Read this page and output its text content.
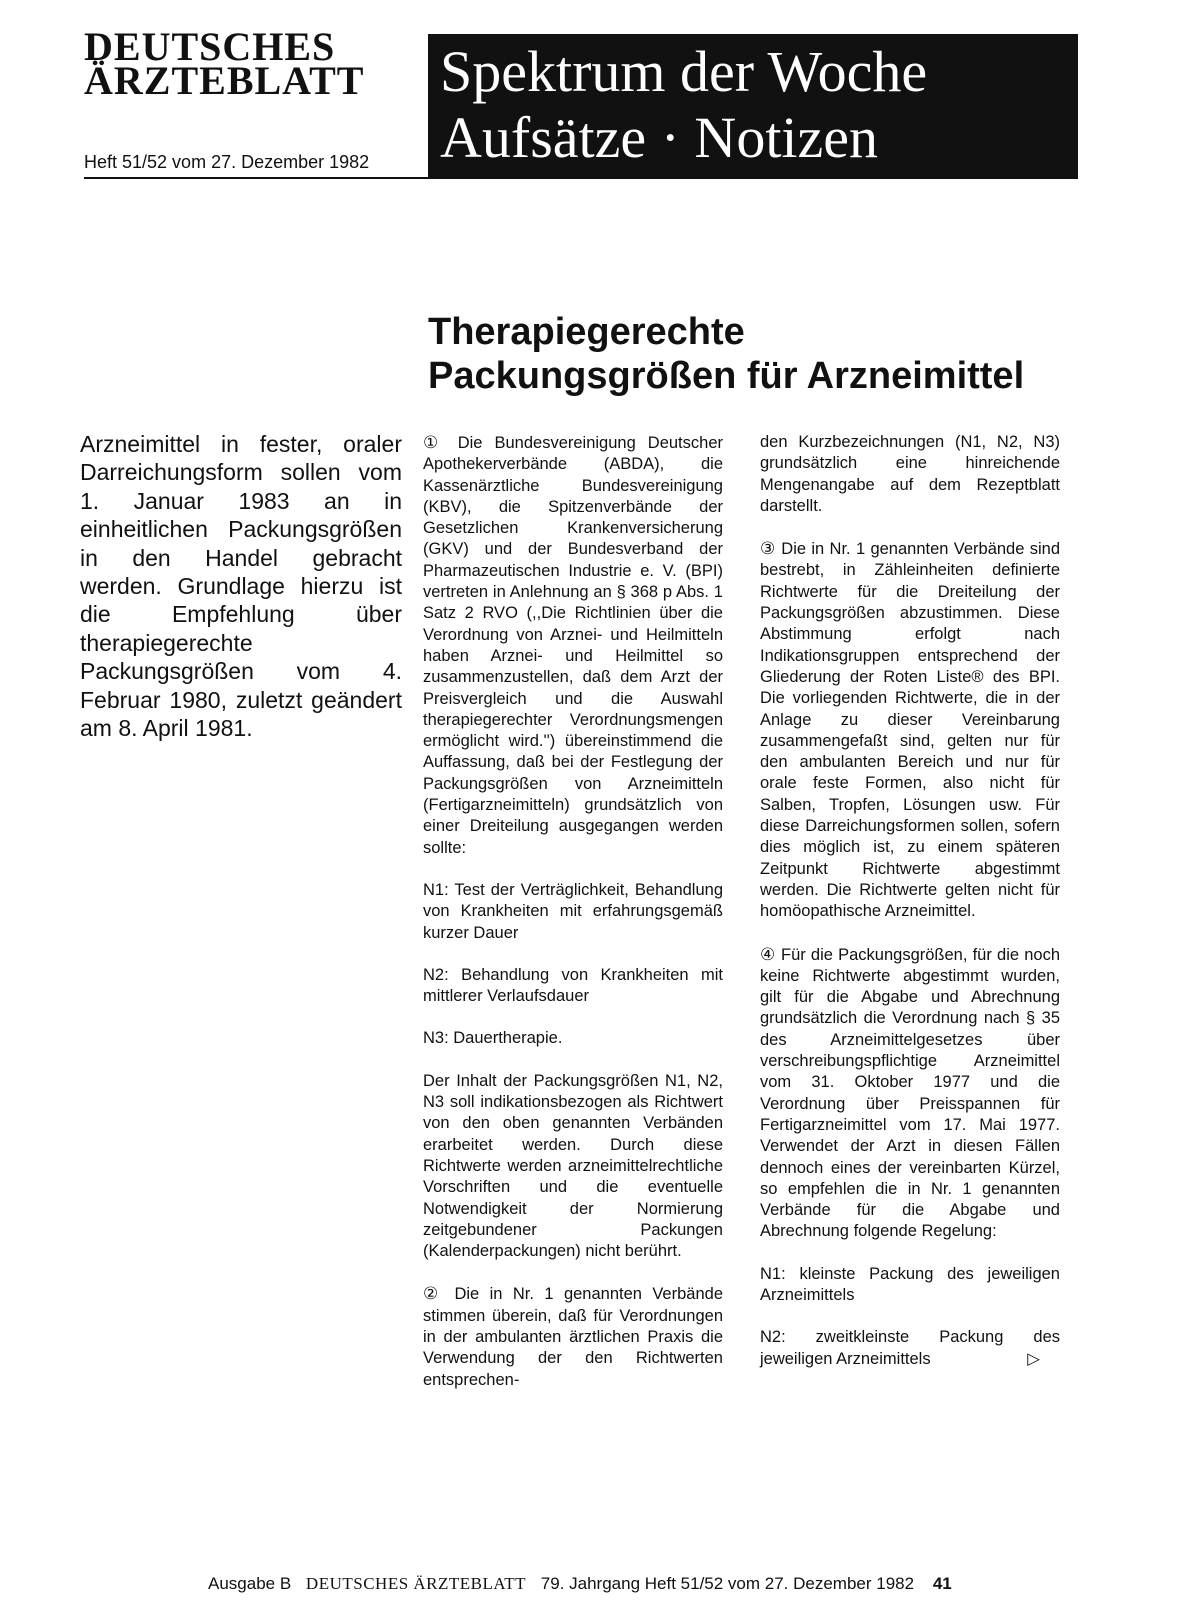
DEUTSCHES
ÄRZTEBLATT
Heft 51/52 vom 27. Dezember 1982
Spektrum der Woche
Aufsätze · Notizen
Therapiegerechte
Packungsgrößen für Arzneimittel
Arzneimittel in fester, oraler Darreichungsform sollen vom 1. Januar 1983 an in einheitlichen Packungsgrößen in den Handel gebracht werden. Grundlage hierzu ist die Empfehlung über therapiegerechte Packungsgrößen vom 4. Februar 1980, zuletzt geändert am 8. April 1981.

① Die Bundesvereinigung Deutscher Apothekerverbände (ABDA), die Kassenärztliche Bundesvereinigung (KBV), die Spitzenverbände der Gesetzlichen Krankenversicherung (GKV) und der Bundesverband der Pharmazeutischen Industrie e. V. (BPI) vertreten in Anlehnung an § 368 p Abs. 1 Satz 2 RVO (,,Die Richtlinien über die Verordnung von Arznei- und Heilmitteln haben Arznei- und Heilmittel so zusammenzustellen, daß dem Arzt der Preisvergleich und die Auswahl therapiegerechter Verordnungsmengen ermöglicht wird.'') übereinstimmend die Auffassung, daß bei der Festlegung der Packungsgrößen von Arzneimitteln (Fertigarzneimitteln) grundsätzlich von einer Dreiteilung ausgegangen werden sollte:

N1: Test der Verträglichkeit, Behandlung von Krankheiten mit erfahrungsgemäß kurzer Dauer

N2: Behandlung von Krankheiten mit mittlerer Verlaufsdauer

N3: Dauertherapie.

Der Inhalt der Packungsgrößen N1, N2, N3 soll indikationsbezogen als Richtwert von den oben genannten Verbänden erarbeitet werden. Durch diese Richtwerte werden arzneimittelrechtliche Vorschriften und die eventuelle Notwendigkeit der Normierung zeitgebundener Packungen (Kalenderpackungen) nicht berührt.

② Die in Nr. 1 genannten Verbände stimmen überein, daß für Verordnungen in der ambulanten ärztlichen Praxis die Verwendung der den Richtwerten entsprechen-

den Kurzbezeichnungen (N1, N2, N3) grundsätzlich eine hinreichende Mengenangabe auf dem Rezeptblatt darstellt.

③ Die in Nr. 1 genannten Verbände sind bestrebt, in Zähleinheiten definierte Richtwerte für die Dreiteilung der Packungsgrößen abzustimmen. Diese Abstimmung erfolgt nach Indikationsgruppen entsprechend der Gliederung der Roten Liste® des BPI. Die vorliegenden Richtwerte, die in der Anlage zu dieser Vereinbarung zusammengefaßt sind, gelten nur für den ambulanten Bereich und nur für orale feste Formen, also nicht für Salben, Tropfen, Lösungen usw. Für diese Darreichungsformen sollen, sofern dies möglich ist, zu einem späteren Zeitpunkt Richtwerte abgestimmt werden. Die Richtwerte gelten nicht für homöopathische Arzneimittel.

④ Für die Packungsgrößen, für die noch keine Richtwerte abgestimmt wurden, gilt für die Abgabe und Abrechnung grundsätzlich die Verordnung nach § 35 des Arzneimittelgesetzes über verschreibungspflichtige Arzneimittel vom 31. Oktober 1977 und die Verordnung über Preisspannen für Fertigarzneimittel vom 17. Mai 1977. Verwendet der Arzt in diesen Fällen dennoch eines der vereinbarten Kürzel, so empfehlen die in Nr. 1 genannten Verbände für die Abgabe und Abrechnung folgende Regelung:

N1: kleinste Packung des jeweiligen Arzneimittels

N2: zweitkleinste Packung des jeweiligen Arzneimittels	▷

Ausgabe B DEUTSCHES ÄRZTEBLATT 79. Jahrgang Heft 51/52 vom 27. Dezember 1982 41
